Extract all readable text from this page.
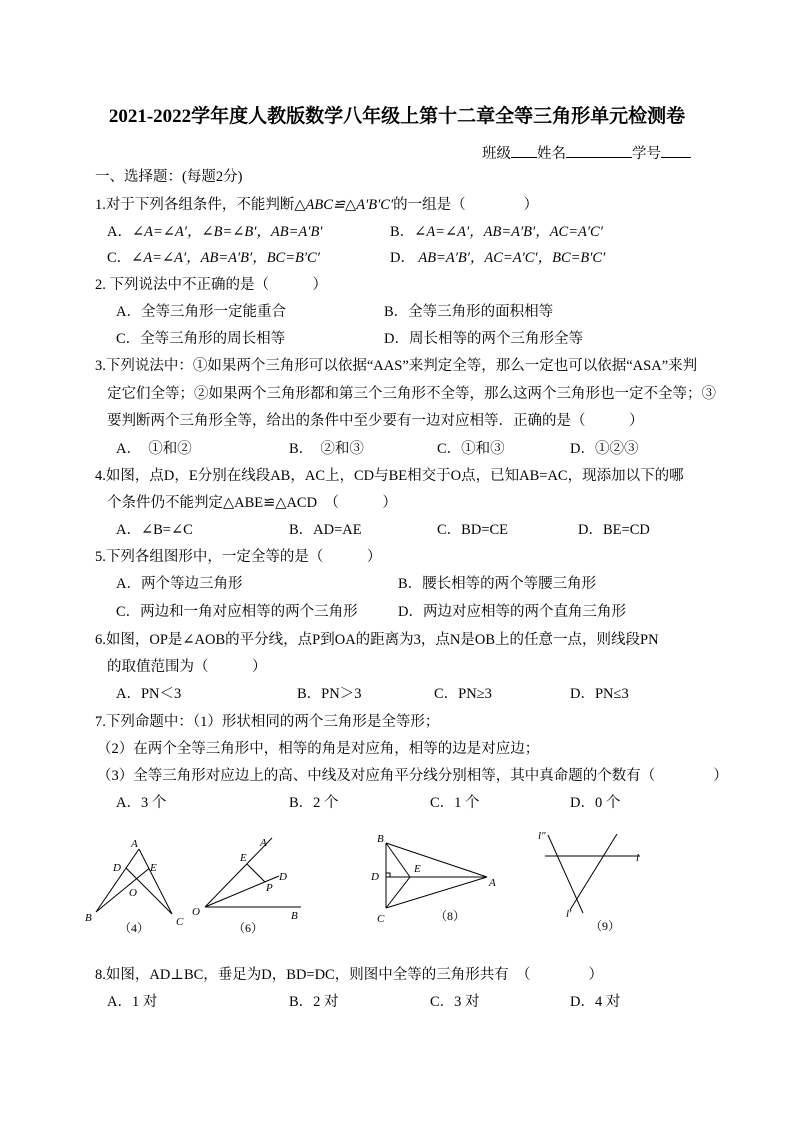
2021-2022学年度人教版数学八年级上第十二章全等三角形单元检测卷
班级 姓名	学号
一、选择题：(每题2分)
1.对于下列各组条件，不能判断△ABC≌△A′B′C′的一组是（　　　　）
A．∠A=∠A′，∠B=∠B′，AB=A′B′	B．∠A=∠A′，AB=A′B′，AC=A′C′
C．∠A=∠A′，AB=A′B′，BC=B′C′	D． AB=A′B′，AC=A′C′，BC=B′C′
2. 下列说法中不正确的是（　　　）
A．全等三角形一定能重合	B．全等三角形的面积相等
C．全等三角形的周长相等	D．周长相等的两个三角形全等
3.下列说法中：①如果两个三角形可以依据“AAS”来判定全等，那么一定也可以依据“ASA”来判
定它们全等；②如果两个三角形都和第三个三角形不全等，那么这两个三角形也一定不全等；③
要判断两个三角形全等，给出的条件中至少要有一边对应相等．正确的是（　　　）
A．　①和②	B．　②和③	C．①和③	D．①②③
4.如图，点D，E分别在线段AB，AC上，CD与BE相交于O点，已知AB=AC，现添加以下的哪
个条件仍不能判定△ABE≌△ACD　（　　　）
A．∠B=∠C	B．AD=AE	C．BD=CE	D．BE=CD
5.下列各组图形中，一定全等的是（　　　）
A．两个等边三角形	B．腰长相等的两个等腰三角形
C．两边和一角对应相等的两个三角形	D．两边对应相等的两个直角三角形
6.如图，OP是∠AOB的平分线，点P到OA的距离为3，点N是OB上的任意一点，则线段PN
的取值范围为（　　　）
A．PN＜3	B．PN＞3	C．PN≥3	D．PN≤3
7.下列命题中：（1）形状相同的两个三角形是全等形；
（2）在两个全等三角形中，相等的角是对应角，相等的边是对应边；
（3）全等三角形对应边上的高、中线及对应角平分线分别相等，其中真命题的个数有（　　　　）
A．3 个	B．2 个	C．1 个	D．0 个
A
D	E
O
B	C
（4）
A
E
D
P
O	B
（6）
B
D
E
A
C	（8）
l″
l
l′
（9）
8.如图，AD⊥BC，垂足为D，BD=DC，则图中全等的三角形共有　（　　　　）
A．1 对	B．2 对	C．3 对	D．4 对
